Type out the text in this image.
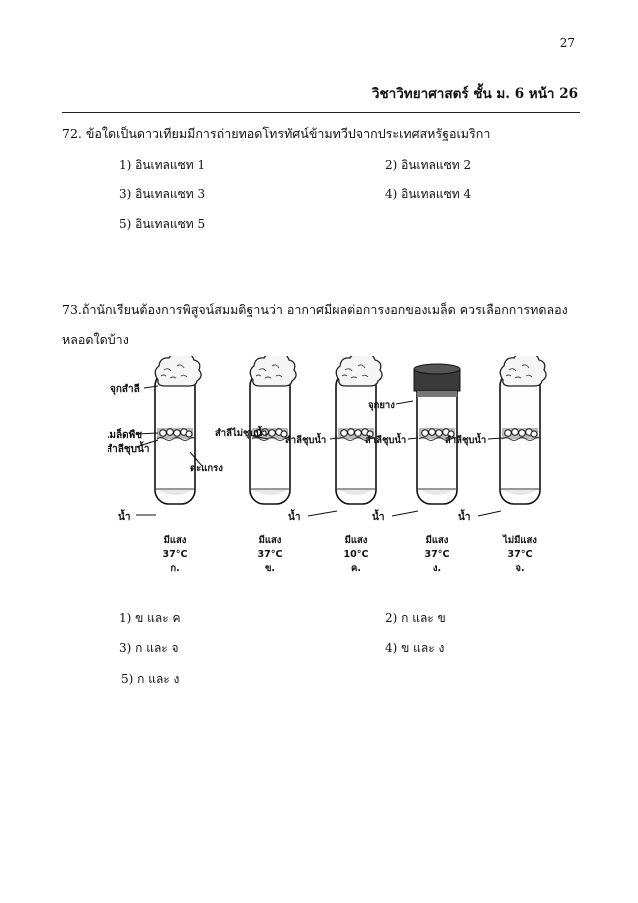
27
วิชาวิทยาศาสตร์ ชั้น ม. 6 หน้า 26
72. ข้อใดเป็นดาวเทียมมีการถ่ายทอดโทรทัศน์ข้ามทวีปจากประเทศสหรัฐอเมริกา
1) อินเทลแซท 1	2) อินเทลแซท 2
3) อินเทลแซท 3	4) อินเทลแซท 4
5) อินเทลแซท 5
73.ถ้านักเรียนต้องการพิสูจน์สมมติฐานว่า อากาศมีผลต่อการงอกของเมล็ด ควรเลือกการทดลอง
หลอดใดบ้าง
จุกสำลี
เมล็ดพืช
สำลีชุบน้ำ
ตะแกรง
น้ำ
สำลีไม่ชุบน้ำ
สำลีชุบน้ำ
น้ำ
จุกยาง
สำลีชุบน้ำ
น้ำ
สำลีชุบน้ำ
น้ำ
มีแสง
37°C
ก.
มีแสง
37°C
ข.
มีแสง
10°C
ค.
มีแสง
37°C
ง.
ไม่มีแสง
37°C
จ.
1) ข และ ค	2) ก และ ข
3) ก และ จ	4) ข และ ง
5) ก และ ง
